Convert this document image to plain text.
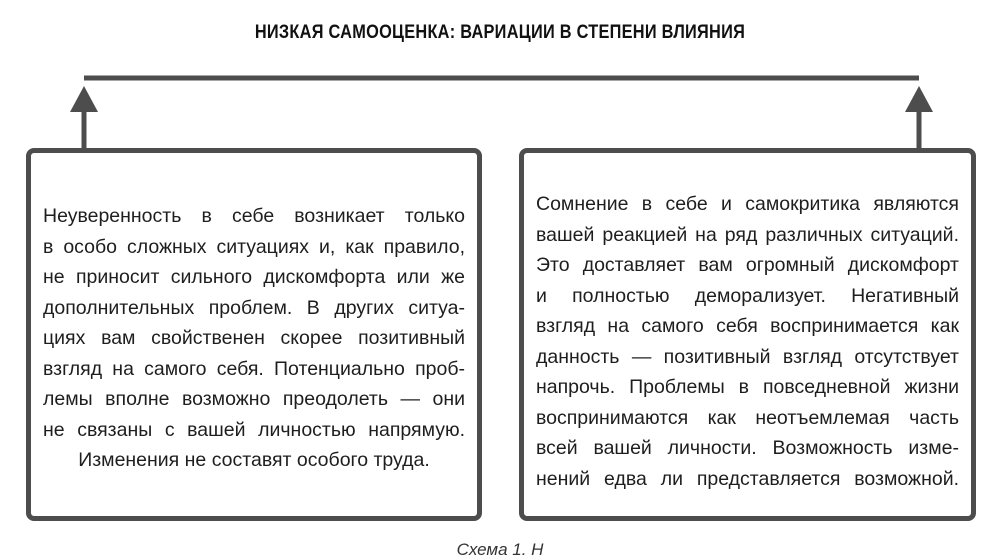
НИЗКАЯ САМООЦЕНКА: ВАРИАЦИИ В СТЕПЕНИ ВЛИЯНИЯ
Неуверенность в себе возникает только
в особо сложных ситуациях и, как правило,
не приносит сильного дискомфорта или же
дополнительных проблем. В других ситуа-
циях вам свойственен скорее позитивный
взгляд на самого себя. Потенциально проб-
лемы вполне возможно преодолеть — они
не связаны с вашей личностью напрямую.
Изменения не составят особого труда.
Сомнение в себе и самокритика являются
вашей реакцией на ряд различных ситуаций.
Это доставляет вам огромный дискомфорт
и полностью деморализует. Негативный
взгляд на самого себя воспринимается как
данность — позитивный взгляд отсутствует
напрочь. Проблемы в повседневной жизни
воспринимаются как неотъемлемая часть
всей вашей личности. Возможность изме-
нений едва ли представляется возможной.
Схема 1. Н
